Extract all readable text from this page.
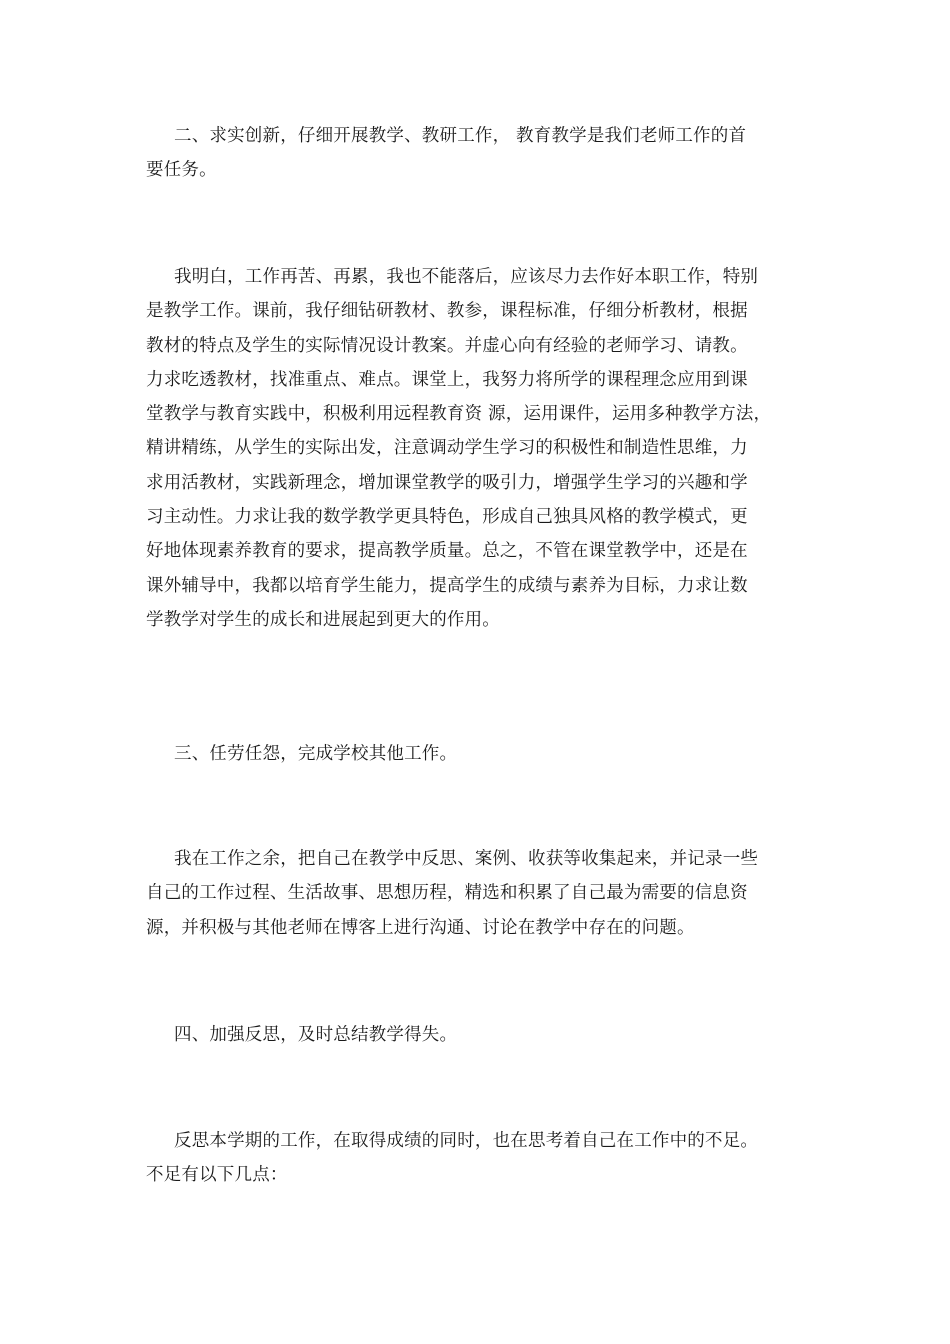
二、求实创新，仔细开展教学、教研工作， 教育教学是我们老师工作的首
要任务。

我明白，工作再苦、再累，我也不能落后，应该尽力去作好本职工作，特别
是教学工作。课前，我仔细钻研教材、教参，课程标准，仔细分析教材，根据
教材的特点及学生的实际情况设计教案。并虚心向有经验的老师学习、请教。
力求吃透教材，找准重点、难点。课堂上，我努力将所学的课程理念应用到课
堂教学与教育实践中，积极利用远程教育资 源，运用课件，运用多种教学方法，
精讲精练，从学生的实际出发，注意调动学生学习的积极性和制造性思维，力
求用活教材，实践新理念，增加课堂教学的吸引力，增强学生学习的兴趣和学
习主动性。力求让我的数学教学更具特色，形成自己独具风格的教学模式，更
好地体现素养教育的要求，提高教学质量。总之，不管在课堂教学中，还是在
课外辅导中，我都以培育学生能力，提高学生的成绩与素养为目标，力求让数
学教学对学生的成长和进展起到更大的作用。

三、任劳任怨，完成学校其他工作。

我在工作之余，把自己在教学中反思、案例、收获等收集起来，并记录一些
自己的工作过程、生活故事、思想历程，精选和积累了自己最为需要的信息资
源，并积极与其他老师在博客上进行沟通、讨论在教学中存在的问题。

四、加强反思，及时总结教学得失。

反思本学期的工作，在取得成绩的同时，也在思考着自己在工作中的不足。
不足有以下几点：
